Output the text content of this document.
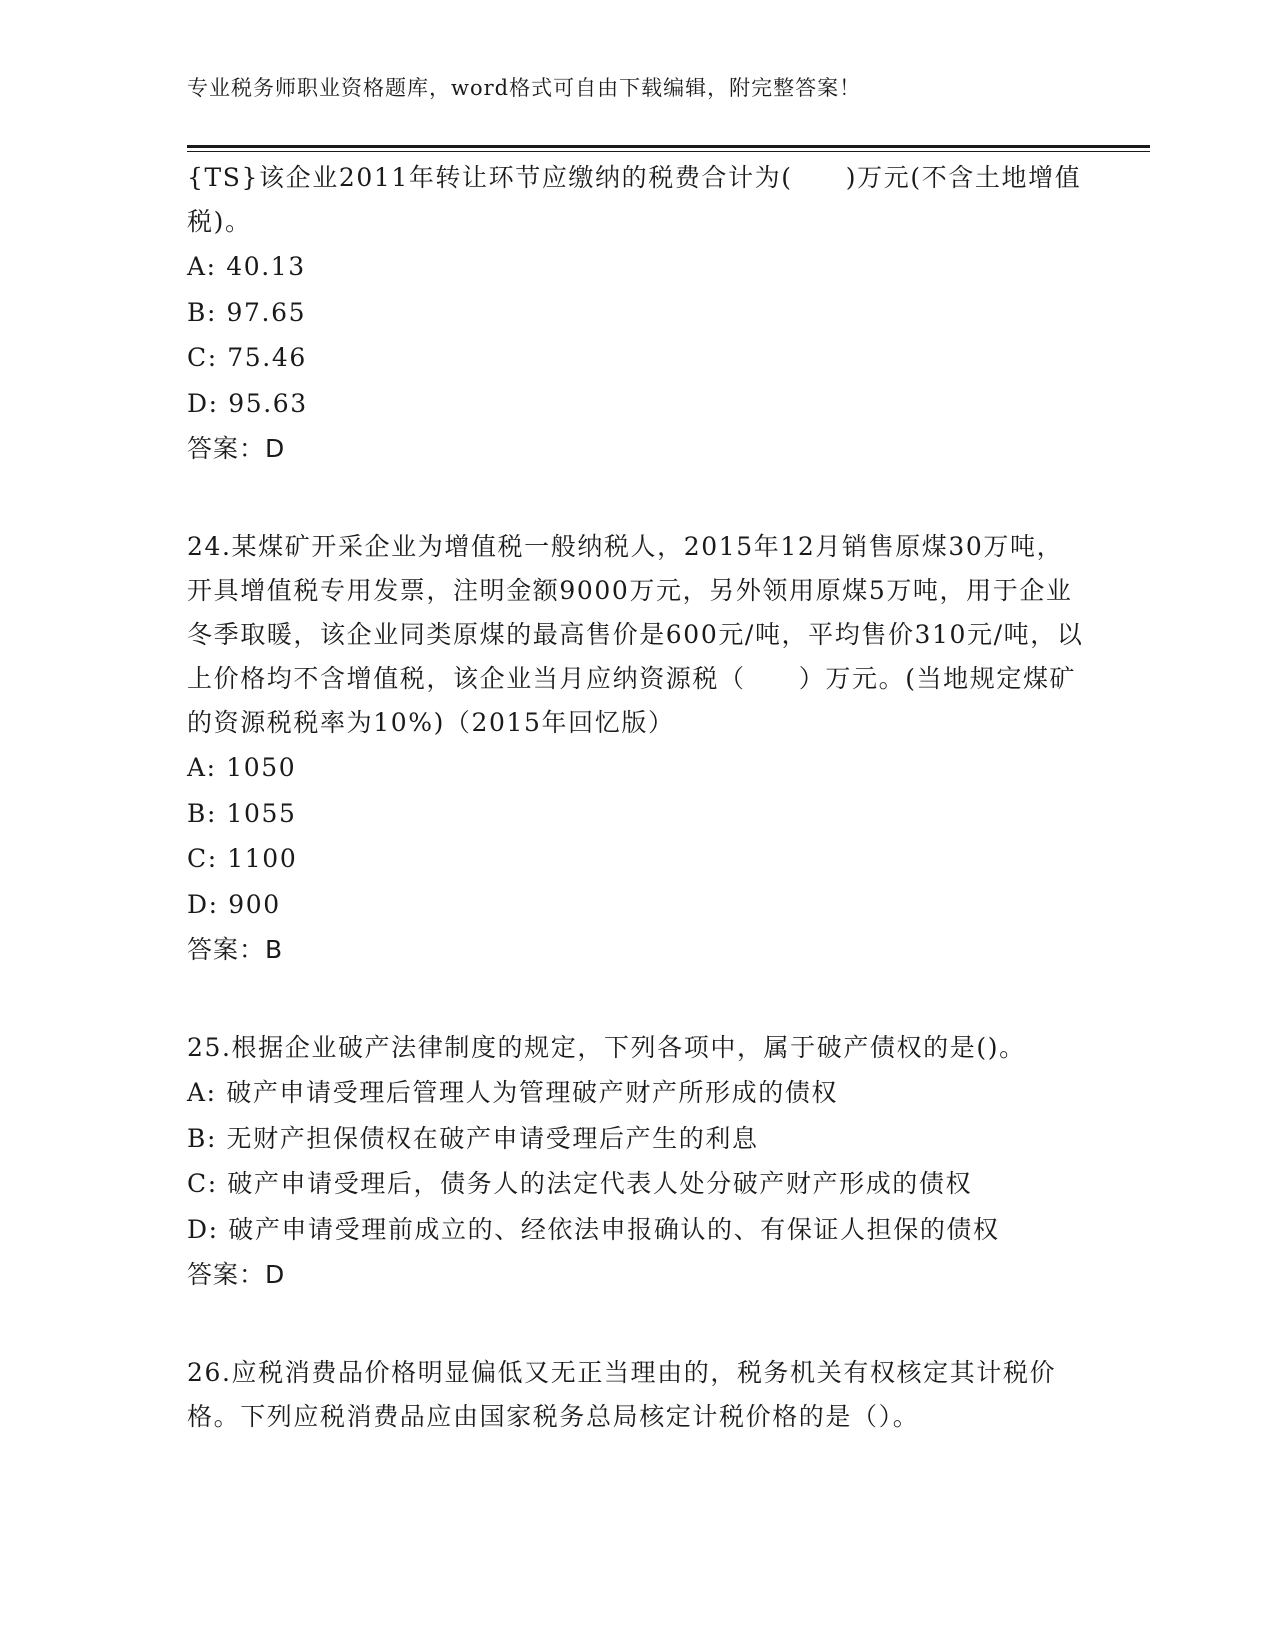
专业税务师职业资格题库，word格式可自由下载编辑，附完整答案！

{TS}该企业2011年转让环节应缴纳的税费合计为(　　)万元(不含土地增值税)。

A: 40.13

B: 97.65

C: 75.46

D: 95.63

答案：D

24.某煤矿开采企业为增值税一般纳税人，2015年12月销售原煤30万吨，开具增值税专用发票，注明金额9000万元，另外领用原煤5万吨，用于企业冬季取暖，该企业同类原煤的最高售价是600元/吨，平均售价310元/吨，以上价格均不含增值税，该企业当月应纳资源税（　　）万元。(当地规定煤矿的资源税税率为10%)（2015年回忆版）

A: 1050

B: 1055

C: 1100

D: 900

答案：B

25.根据企业破产法律制度的规定，下列各项中，属于破产债权的是()。

A: 破产申请受理后管理人为管理破产财产所形成的债权

B: 无财产担保债权在破产申请受理后产生的利息

C: 破产申请受理后，债务人的法定代表人处分破产财产形成的债权

D: 破产申请受理前成立的、经依法申报确认的、有保证人担保的债权

答案：D

26.应税消费品价格明显偏低又无正当理由的，税务机关有权核定其计税价格。下列应税消费品应由国家税务总局核定计税价格的是（）。
